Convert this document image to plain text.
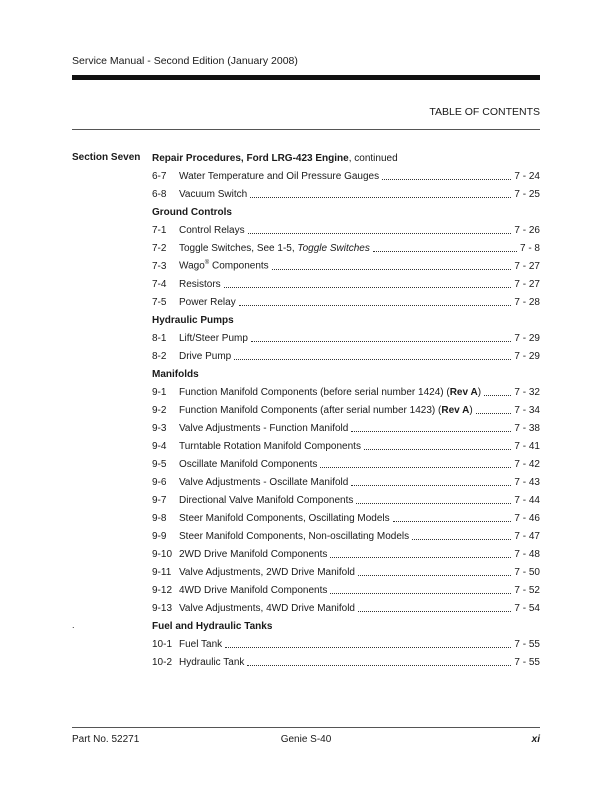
Service Manual - Second Edition (January 2008)
TABLE OF CONTENTS
Section Seven Repair Procedures, Ford LRG-423 Engine , continued
6-7	Water Temperature and Oil Pressure Gauges	7 - 24
6-8	Vacuum Switch	7 - 25
Ground Controls
7-1	Control Relays	7 - 26
7-2	Toggle Switches, See 1-5, Toggle Switches	7 - 8
7-3	Wago® Components	7 - 27
7-4	Resistors	7 - 27
7-5	Power Relay	7 - 28
Hydraulic Pumps
8-1	Lift/Steer Pump	7 - 29
8-2	Drive Pump	7 - 29
Manifolds
9-1	Function Manifold Components (before serial number 1424) (Rev A)	7 - 32
9-2	Function Manifold Components (after serial number 1423) (Rev A)	7 - 34
9-3	Valve Adjustments - Function Manifold	7 - 38
9-4	Turntable Rotation Manifold Components	7 - 41
9-5	Oscillate Manifold Components	7 - 42
9-6	Valve Adjustments - Oscillate Manifold	7 - 43
9-7	Directional Valve Manifold Components	7 - 44
9-8	Steer Manifold Components, Oscillating Models	7 - 46
9-9	Steer Manifold Components, Non-oscillating Models	7 - 47
9-10 2WD Drive Manifold Components	7 - 48
9-11 Valve Adjustments, 2WD Drive Manifold	7 - 50
9-12 4WD Drive Manifold Components	7 - 52
9-13 Valve Adjustments, 4WD Drive Manifold	7 - 54
Fuel and Hydraulic Tanks
10-1 Fuel Tank	7 - 55
10-2 Hydraulic Tank	7 - 55
.
Part No. 52271	Genie S-40	xi
